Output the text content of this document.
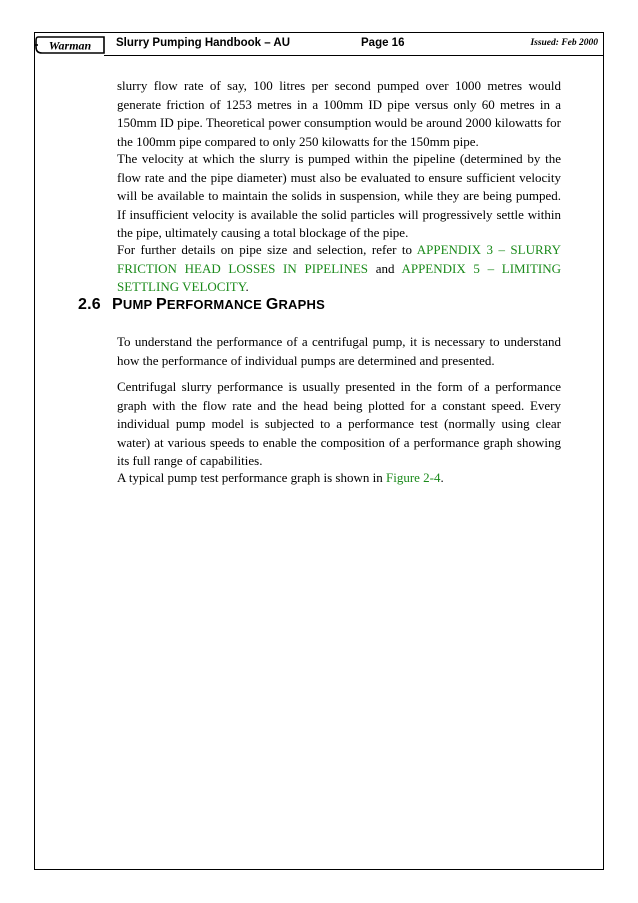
Warman Slurry Pumping Handbook – AU	Page 16	Issued: Feb 2000

slurry flow rate of say, 100 litres per second pumped over 1000 metres would generate friction of 1253 metres in a 100mm ID pipe versus only 60 metres in a 150mm ID pipe. Theoretical power consumption would be around 2000 kilowatts for the 100mm pipe compared to only 250 kilowatts for the 150mm pipe.

The velocity at which the slurry is pumped within the pipeline (determined by the flow rate and the pipe diameter) must also be evaluated to ensure sufficient velocity will be available to maintain the solids in suspension, while they are being pumped. If insufficient velocity is available the solid particles will progressively settle within the pipe, ultimately causing a total blockage of the pipe.

For further details on pipe size and selection, refer to APPENDIX 3 – SLURRY FRICTION HEAD LOSSES IN PIPELINES and APPENDIX 5 – LIMITING SETTLING VELOCITY.

2.6 PUMP PERFORMANCE GRAPHS

To understand the performance of a centrifugal pump, it is necessary to understand how the performance of individual pumps are determined and presented.

Centrifugal slurry performance is usually presented in the form of a performance graph with the flow rate and the head being plotted for a constant speed. Every individual pump model is subjected to a performance test (normally using clear water) at various speeds to enable the composition of a performance graph showing its full range of capabilities.

A typical pump test performance graph is shown in Figure 2-4.
